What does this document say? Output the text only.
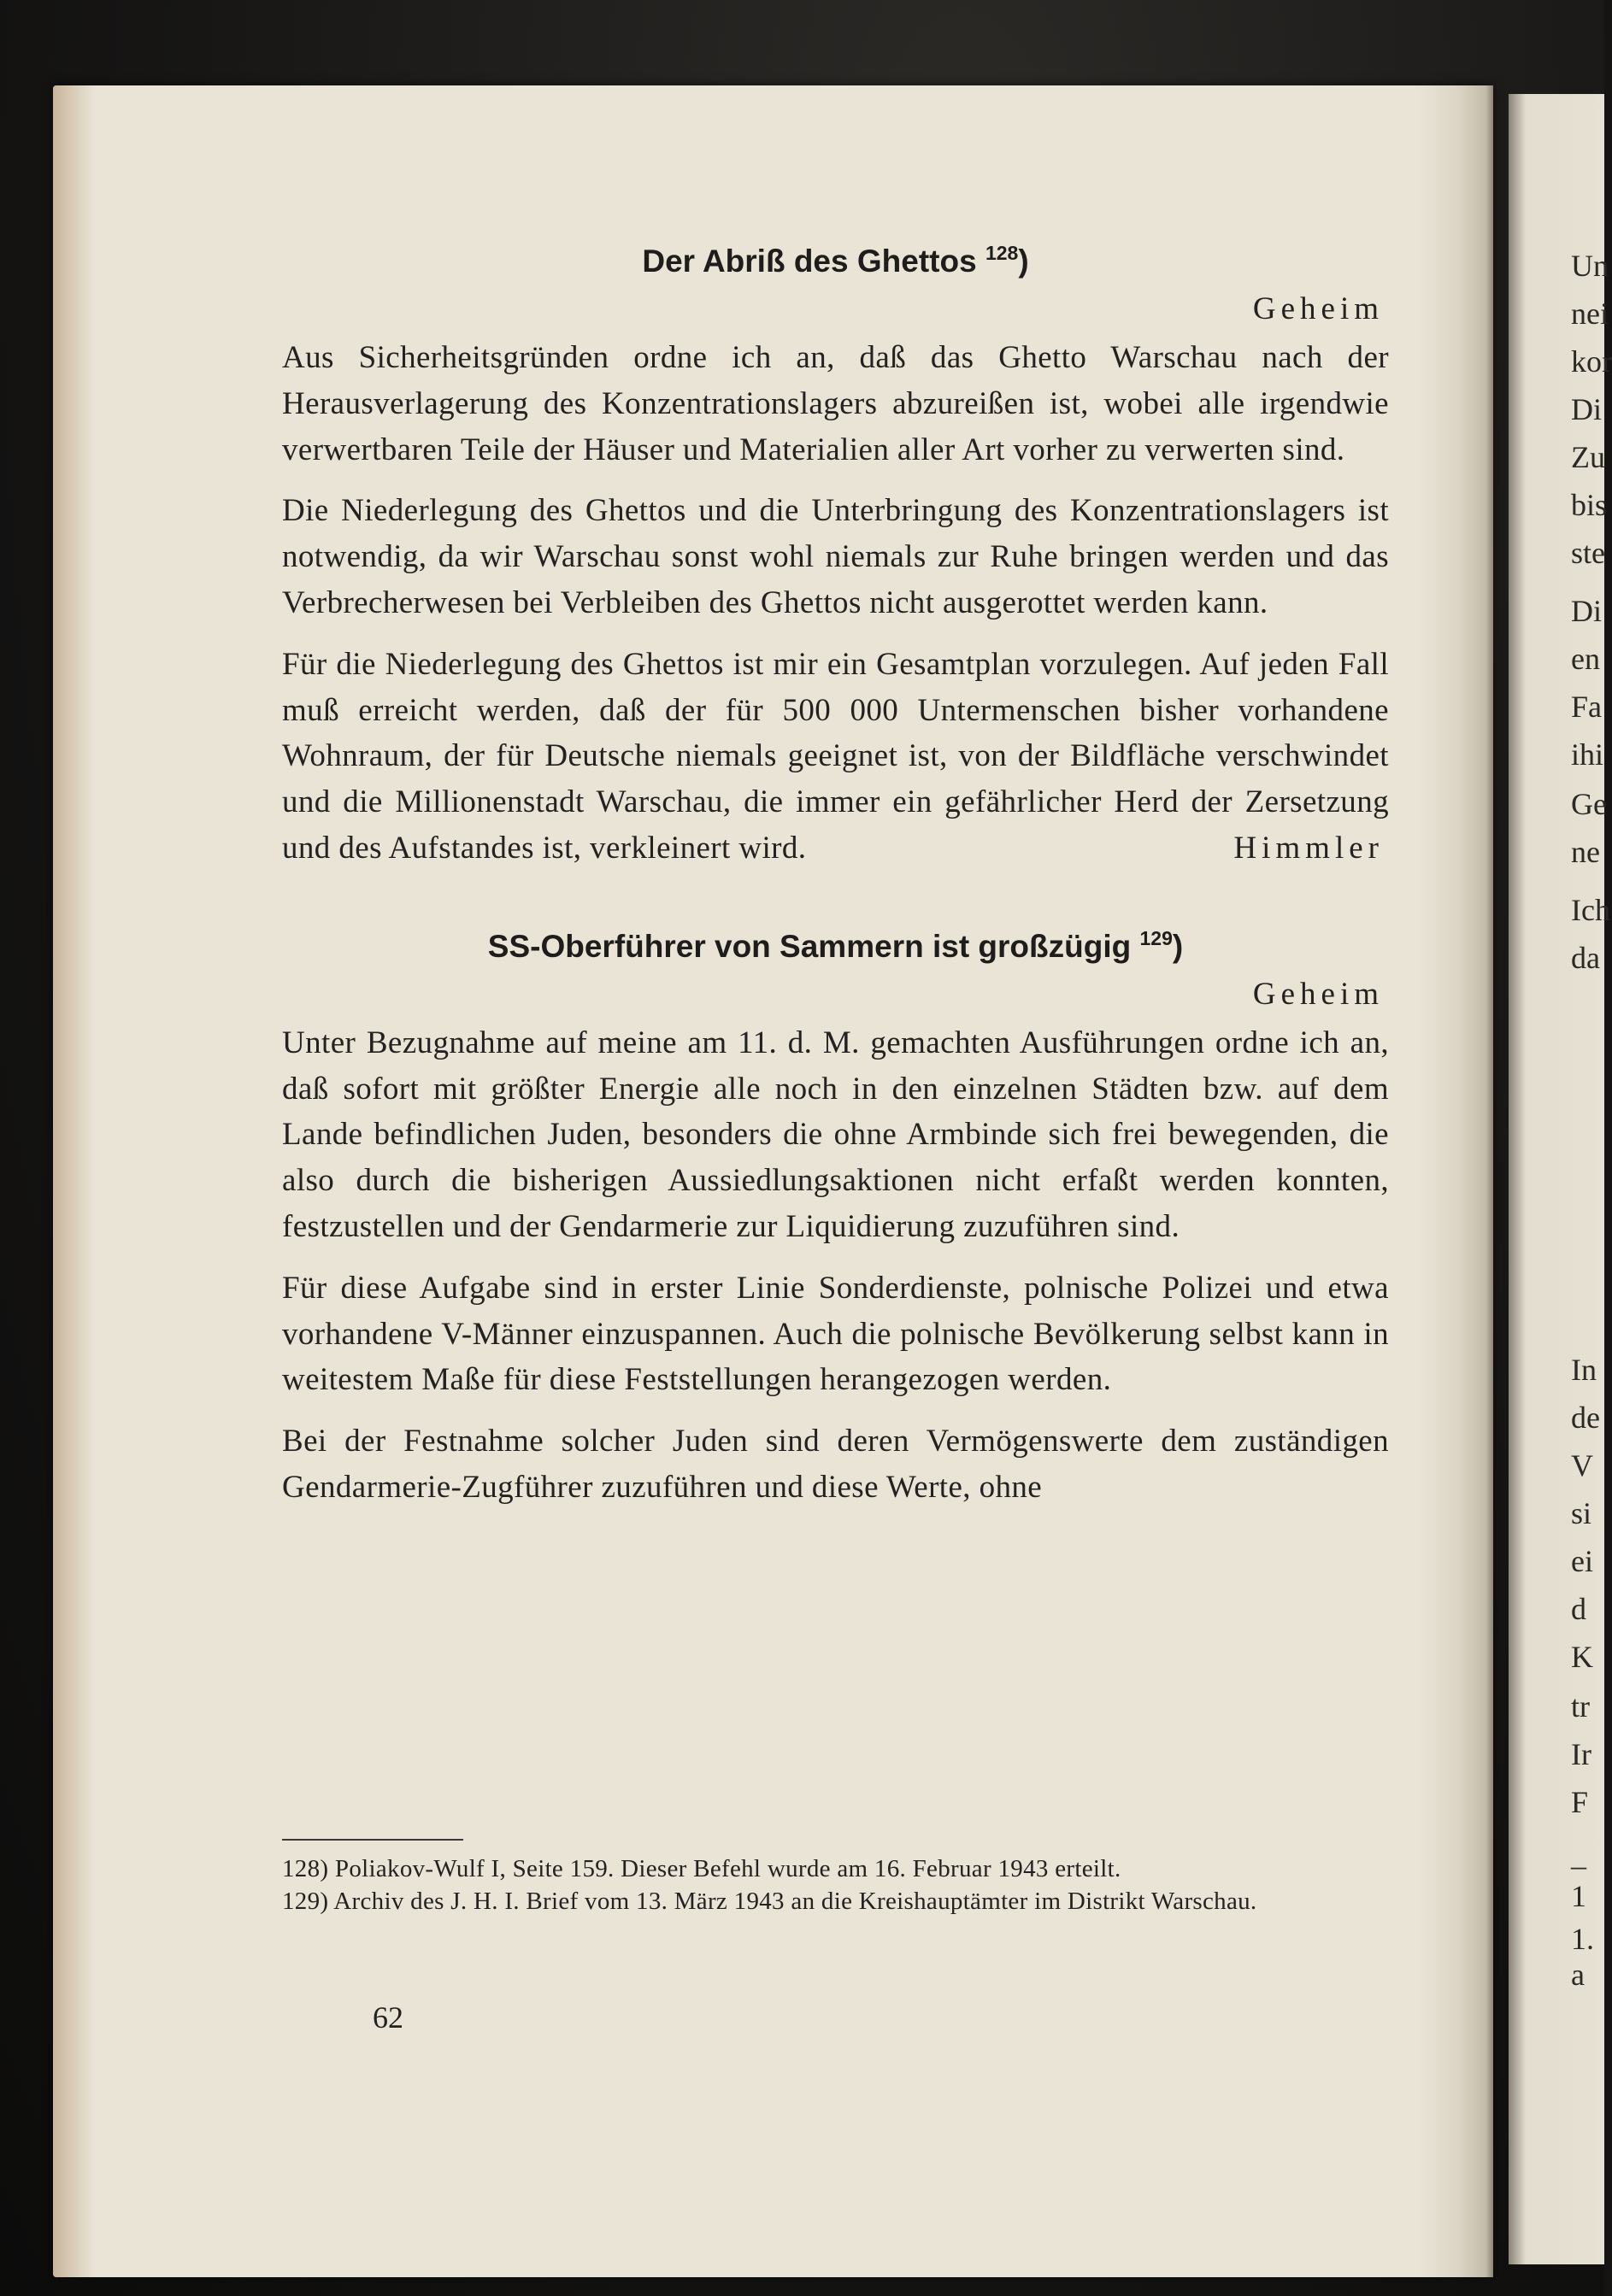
Un
nei
kor
Di
Zu
bis
ste
Di
en
Fa
ihi
Ge
ne
Ich
da
In
de
V
si
ei
d
K
tr
Ir
F
_
1
1.
a
Der Abriß des Ghettos $^{128}$)

Geheim

Aus Sicherheitsgründen ordne ich an, daß das Ghetto Warschau nach der Herausverlagerung des Konzentrationslagers abzureißen ist, wobei alle irgendwie verwertbaren Teile der Häuser und Materialien aller Art vorher zu verwerten sind.

Die Niederlegung des Ghettos und die Unterbringung des Konzentrationslagers ist notwendig, da wir Warschau sonst wohl niemals zur Ruhe bringen werden und das Verbrecherwesen bei Verbleiben des Ghettos nicht ausgerottet werden kann.

Für die Niederlegung des Ghettos ist mir ein Gesamtplan vorzulegen. Auf jeden Fall muß erreicht werden, daß der für 500 000 Untermenschen bisher vorhandene Wohnraum, der für Deutsche niemals geeignet ist, von der Bildfläche verschwindet und die Millionenstadt Warschau, die immer ein gefährlicher Herd der Zersetzung und des Aufstandes ist, verkleinert wird.	Himmler
SS-Oberführer von Sammern ist großzügig $^{129}$)

Geheim

Unter Bezugnahme auf meine am 11. d. M. gemachten Ausführungen ordne ich an, daß sofort mit größter Energie alle noch in den einzelnen Städten bzw. auf dem Lande befindlichen Juden, besonders die ohne Armbinde sich frei bewegenden, die also durch die bisherigen Aussiedlungsaktionen nicht erfaßt werden konnten, festzustellen und der Gendarmerie zur Liquidierung zuzuführen sind.

Für diese Aufgabe sind in erster Linie Sonderdienste, polnische Polizei und etwa vorhandene V-Männer einzuspannen. Auch die polnische Bevölkerung selbst kann in weitestem Maße für diese Feststellungen herangezogen werden.

Bei der Festnahme solcher Juden sind deren Vermögenswerte dem zuständigen Gendarmerie-Zugführer zuzuführen und diese Werte, ohne

128) Poliakov-Wulf I, Seite 159. Dieser Befehl wurde am 16. Februar 1943 erteilt.

129) Archiv des J. H. I. Brief vom 13. März 1943 an die Kreishauptämter im Distrikt Warschau.

62
